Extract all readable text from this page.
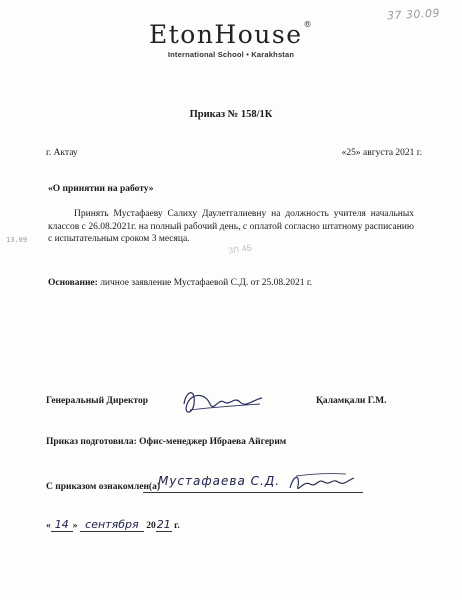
37 30.09
EtonHouse®
International School • Karakhstan
Приказ № 158/1К
г. Актау	«25» августа 2021 г.
«О принятии на работу»
Принять Мустафаеву Салиху Даулетгалиевну на должность учителя начальных классов с 26.08.2021г. на полный рабочий день, с оплатой согласно штатному расписанию с испытательным сроком 3 месяца.
ЗП 4Б
13.09
Основание: личное заявление Мустафаевой С.Д. от 25.08.2021 г.
Генеральный Директор	Қаламқали Г.М.
Приказ подготовила: Офис-менеджер Ибраева Айгерим
С приказом ознакомлен(а)
Мустафаева С.Д.
« 14 » сентября 2021 г.
